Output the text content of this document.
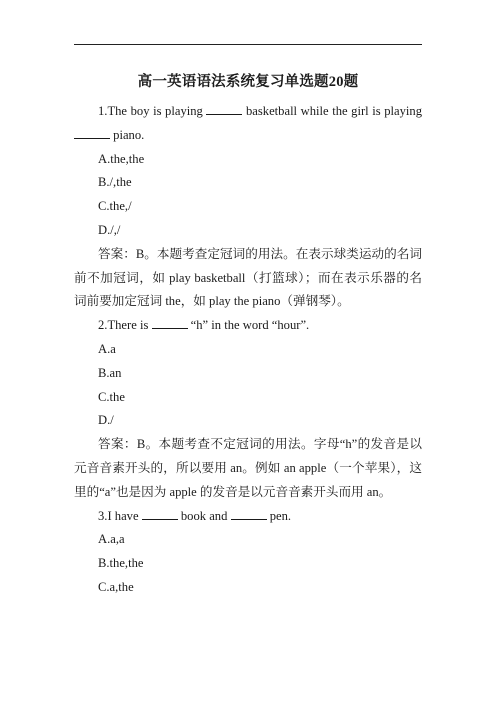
高一英语语法系统复习单选题20题

1.The boy is playing	basketball while the girl is playing  piano.

A.the,the

B./,the

C.the,/

D./,/

答案：B。本题考查定冠词的用法。在表示球类运动的名词前不加冠词，如 play basketball（打篮球）；而在表示乐器的名词前要加定冠词 the，如 play the piano（弹钢琴）。

2.There is	“h” in the word “hour”.

A.a

B.an

C.the

D./

答案：B。本题考查不定冠词的用法。字母“h”的发音是以元音音素开头的，所以要用 an。例如 an apple（一个苹果），这里的“a”也是因为 apple 的发音是以元音音素开头而用 an。

3.I have	book and	pen.

A.a,a

B.the,the

C.a,the
